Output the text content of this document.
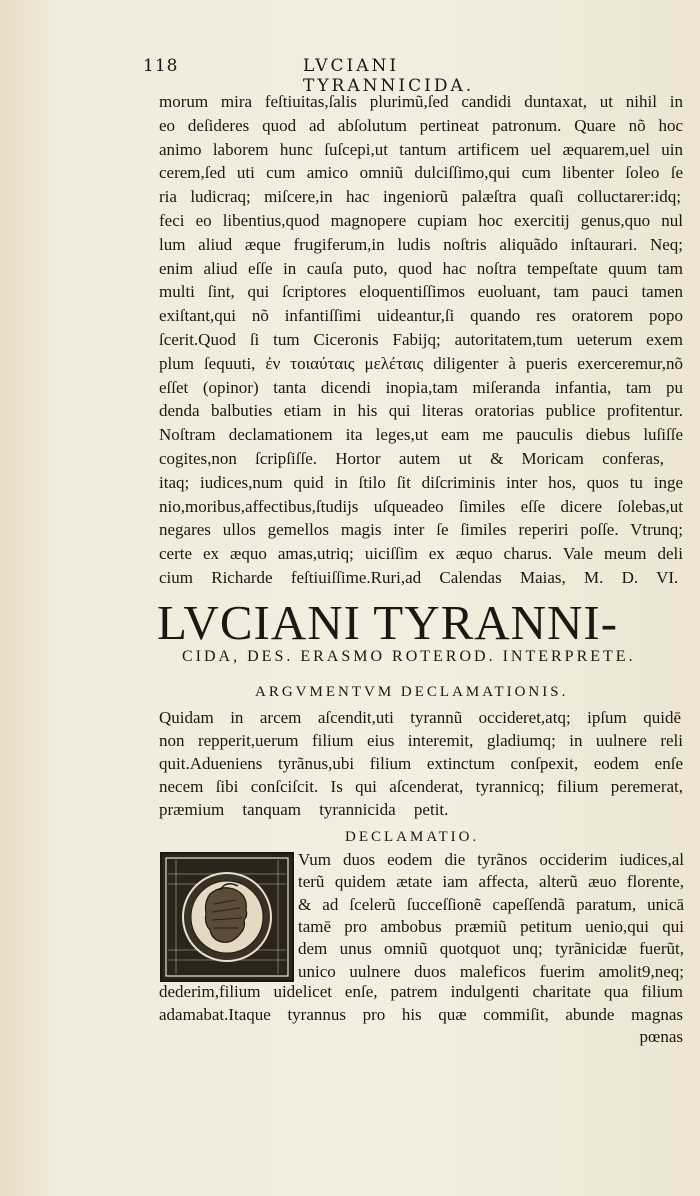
118	LVCIANI TYRANNICIDA.
morum mira feſtiuitas,ſalis plurimũ,ſed candidi duntaxat, ut nihil in
eo deſideres quod ad abſolutum pertineat patronum. Quare nõ hoc
animo laborem hunc ſuſcepi,ut tantum artificem uel æquarem,uel uin
cerem,ſed uti cum amico omniũ dulciſſimo,qui cum libenter ſoleo ſe
ria ludicraq; miſcere,in hac ingeniorũ palæſtra quaſi colluctarer:idq;
feci eo libentius,quod magnopere cupiam hoc exercitij genus,quo nul
lum aliud æque frugiferum,in ludis noſtris aliquãdo inſtaurari. Neq;
enim aliud eſſe in cauſa puto, quod hac noſtra tempeſtate quum tam
multi ſint, qui ſcriptores eloquentiſſimos euoluant, tam pauci tamen
exiſtant,qui nõ infantiſſimi uideantur,ſi quando res oratorem popo
ſcerit.Quod ſi tum Ciceronis Fabijq; autoritatem,tum ueterum exem
plum ſequuti, ἐν τοιαύταις μελέταις diligenter à pueris exerceremur,nõ
eſſet (opinor) tanta dicendi inopia,tam miſeranda infantia, tam pu
denda balbuties etiam in his qui literas oratorias publice profitentur.
Noſtram declamationem ita leges,ut eam me pauculis diebus luſiſſe
cogites,non ſcripſiſſe. Hortor autem ut & Moricam conferas,
itaq; iudices,num quid in ſtilo ſit diſcriminis inter hos, quos tu inge
nio,moribus,affectibus,ſtudijs uſqueadeo ſimiles eſſe dicere ſolebas,ut
negares ullos gemellos magis inter ſe ſimiles reperiri poſſe. Vtrunq;
certe ex æquo amas,utriq; uiciſſim ex æquo charus. Vale meum deli
cium Richarde feſtiuiſſime.Ruri,ad Calendas Maias, M. D. VI.
LVCIANI TYRANNI-
CIDA, DES. ERASMO ROTEROD. INTERPRETE.
ARGVMENTVM DECLAMATIONIS.
Quidam in arcem aſcendit,uti tyrannũ occideret,atq; ipſum quidē
non repperit,uerum filium eius interemit, gladiumq; in uulnere reli
quit.Adueniens tyrãnus,ubi filium extinctum conſpexit, eodem enſe
necem ſibi conſciſcit. Is qui aſcenderat, tyrannicq; filium peremerat,
præmium tanquam tyrannicida petit.
DECLAMATIO.
Vum duos eodem die tyrãnos occiderim iudices,al
terũ quidem ætate iam affecta, alterũ æuo florente,
& ad ſcelerũ ſucceſſionẽ capeſſendã paratum, unicā
tamē pro ambobus præmiũ petitum uenio,qui qui
dem unus omniũ quotquot unq; tyrãnicidæ fuerũt,
unico uulnere duos maleficos fuerim amolit9,neq;
dederim,filium uidelicet enſe, patrem indulgenti charitate qua filium
adamabat.Itaque tyrannus pro his quæ commiſit, abunde magnas
pœnas
